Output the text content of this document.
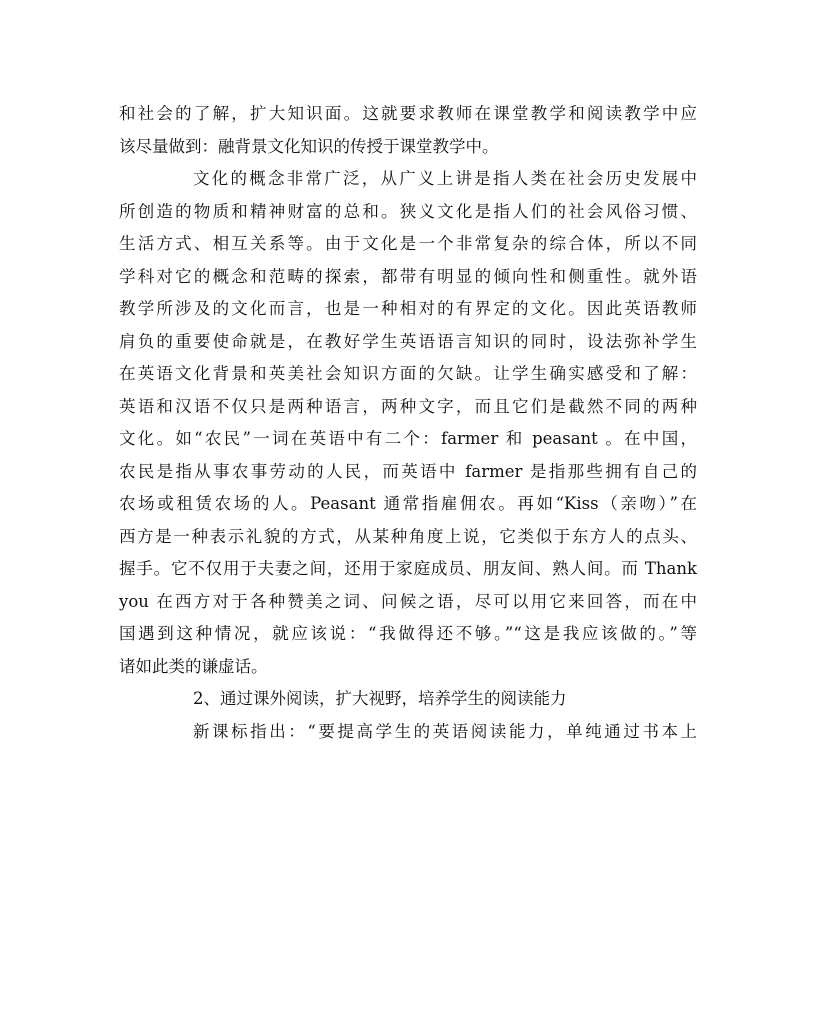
和社会的了解，扩大知识面。这就要求教师在课堂教学和阅读教学中应
该尽量做到：融背景文化知识的传授于课堂教学中。
文化的概念非常广泛，从广义上讲是指人类在社会历史发展中
所创造的物质和精神财富的总和。狭义文化是指人们的社会风俗习惯、
生活方式、相互关系等。由于文化是一个非常复杂的综合体，所以不同
学科对它的概念和范畴的探索，都带有明显的倾向性和侧重性。就外语
教学所涉及的文化而言，也是一种相对的有界定的文化。因此英语教师
肩负的重要使命就是，在教好学生英语语言知识的同时，设法弥补学生
在英语文化背景和英美社会知识方面的欠缺。让学生确实感受和了解：
英语和汉语不仅只是两种语言，两种文字，而且它们是截然不同的两种
文化。如“农民”一词在英语中有二个：farmer 和 peasant 。在中国，
农民是指从事农事劳动的人民，而英语中 farmer 是指那些拥有自己的
农场或租赁农场的人。Peasant 通常指雇佣农。再如“Kiss（亲吻）”在
西方是一种表示礼貌的方式，从某种角度上说，它类似于东方人的点头、
握手。它不仅用于夫妻之间，还用于家庭成员、朋友间、熟人间。而 Thank
you 在西方对于各种赞美之词、问候之语，尽可以用它来回答，而在中
国遇到这种情况，就应该说：“我做得还不够。”“这是我应该做的。”等
诸如此类的谦虚话。
2、通过课外阅读，扩大视野，培养学生的阅读能力
新课标指出：“要提高学生的英语阅读能力，单纯通过书本上
